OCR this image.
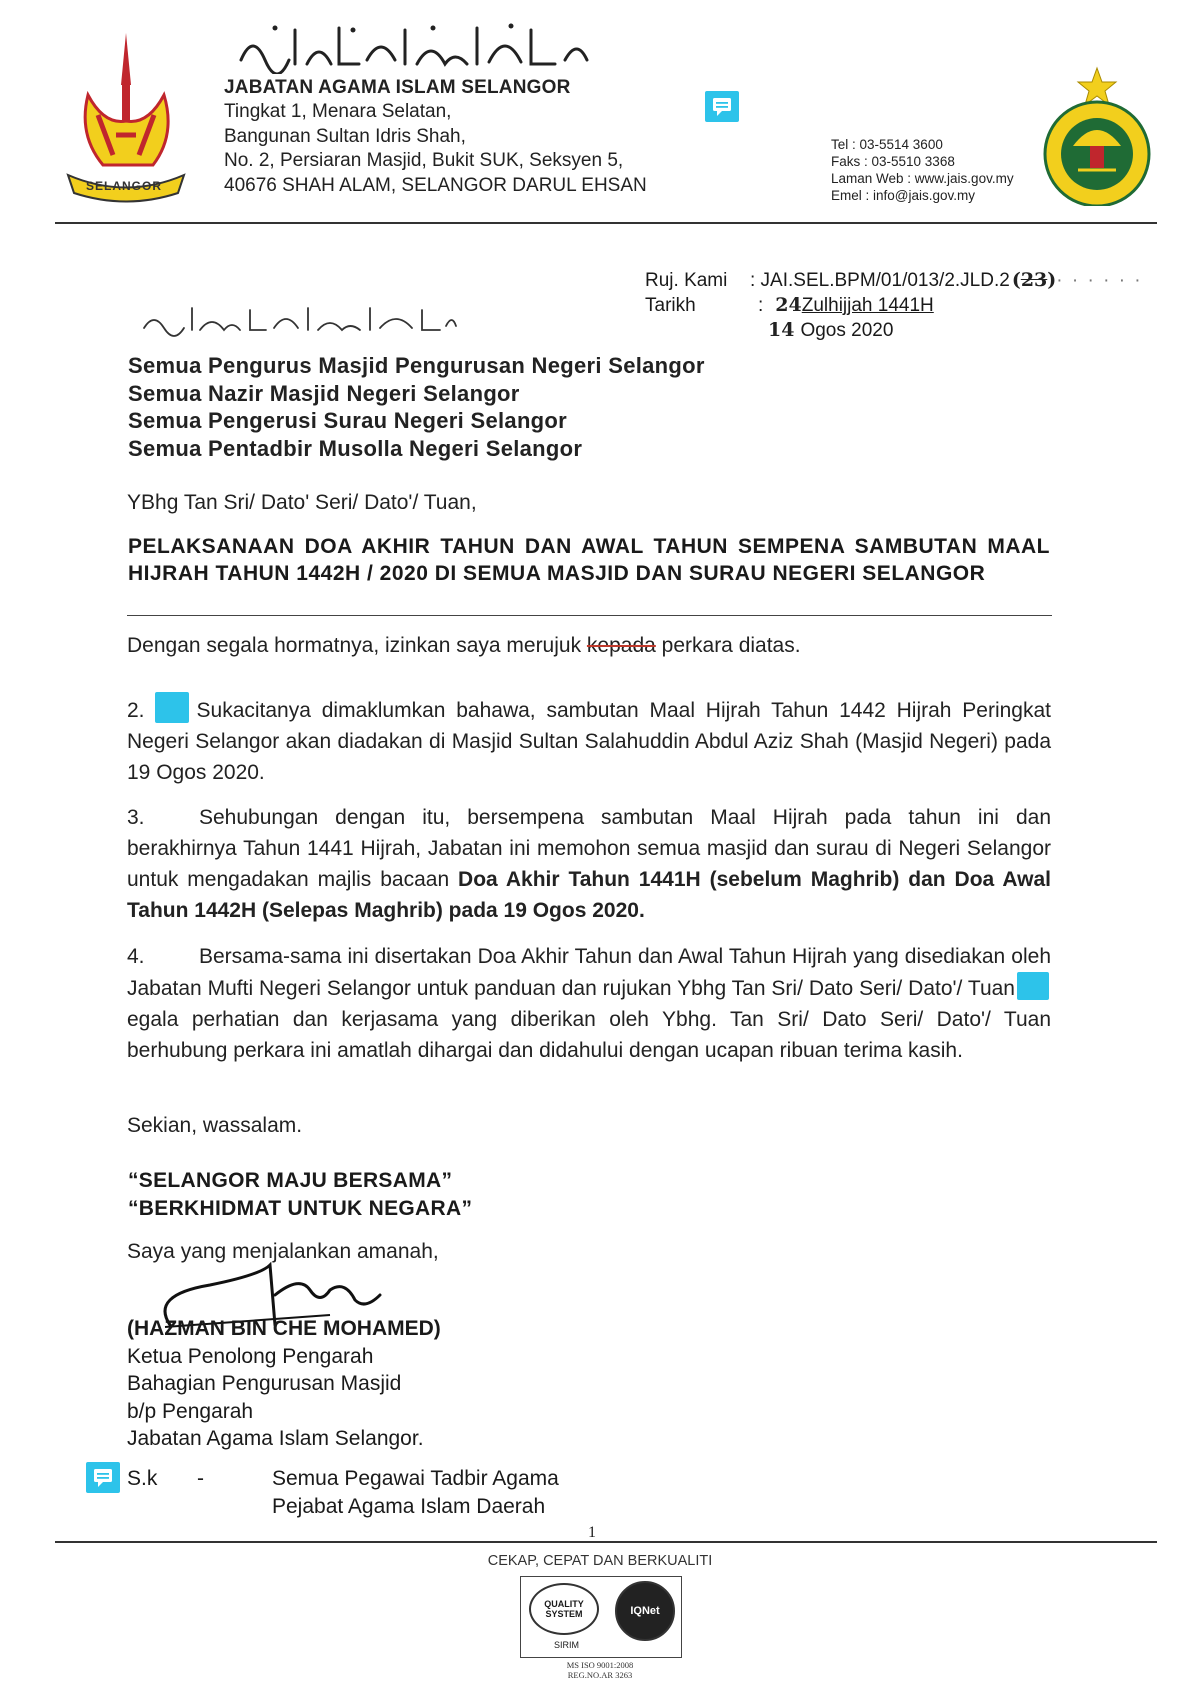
SELANGOR
JABATAN AGAMA ISLAM SELANGOR
Tingkat 1, Menara Selatan,
Bangunan Sultan Idris Shah,
No. 2, Persiaran Masjid, Bukit SUK, Seksyen 5,
40676 SHAH ALAM, SELANGOR DARUL EHSAN
Tel : 03-5514 3600
Faks : 03-5510 3368
Laman Web : www.jais.gov.my
Emel : info@jais.gov.my
Ruj. Kami	: JAI.SEL.BPM/01/013/2.JLD.2 (23) · · · · · ·
Tarikh	: 24 Zulhijjah 1441H
14 Ogos 2020
Semua Pengurus Masjid Pengurusan Negeri Selangor
Semua Nazir Masjid Negeri Selangor
Semua Pengerusi Surau Negeri Selangor
Semua Pentadbir Musolla Negeri Selangor
YBhg Tan Sri/ Dato' Seri/ Dato'/ Tuan,
PELAKSANAAN DOA AKHIR TAHUN DAN AWAL TAHUN SEMPENA SAMBUTAN MAAL HIJRAH TAHUN 1442H / 2020 DI SEMUA MASJID DAN SURAU NEGERI SELANGOR
Dengan segala hormatnya, izinkan saya merujuk kepada perkara diatas.
2. Sukacitanya dimaklumkan bahawa, sambutan Maal Hijrah Tahun 1442 Hijrah Peringkat Negeri Selangor akan diadakan di Masjid Sultan Salahuddin Abdul Aziz Shah (Masjid Negeri) pada 19 Ogos 2020.
3.	Sehubungan dengan itu, bersempena sambutan Maal Hijrah pada tahun ini dan berakhirnya Tahun 1441 Hijrah, Jabatan ini memohon semua masjid dan surau di Negeri Selangor untuk mengadakan majlis bacaan Doa Akhir Tahun 1441H (sebelum Maghrib) dan Doa Awal Tahun 1442H (Selepas Maghrib) pada 19 Ogos 2020.
4.	Bersama-sama ini disertakan Doa Akhir Tahun dan Awal Tahun Hijrah yang disediakan oleh Jabatan Mufti Negeri Selangor untuk panduan dan rujukan Ybhg Tan Sri/ Dato Seri/ Dato'/ Tuanegala perhatian dan kerjasama yang diberikan oleh Ybhg. Tan Sri/ Dato Seri/ Dato'/ Tuan berhubung perkara ini amatlah dihargai dan didahului dengan ucapan ribuan terima kasih.
Sekian, wassalam.
“SELANGOR MAJU BERSAMA”
“BERKHIDMAT UNTUK NEGARA”
Saya yang menjalankan amanah,
(HAZMAN BIN CHE MOHAMED)
Ketua Penolong Pengarah
Bahagian Pengurusan Masjid
b/p Pengarah
Jabatan Agama Islam Selangor.
S.k -	Semua Pegawai Tadbir Agama
Pejabat Agama Islam Daerah
1
CEKAP, CEPAT DAN BERKUALITI
QUALITY SYSTEM	IQNet
SIRIM
MS ISO 9001:2008
REG.NO.AR 3263
